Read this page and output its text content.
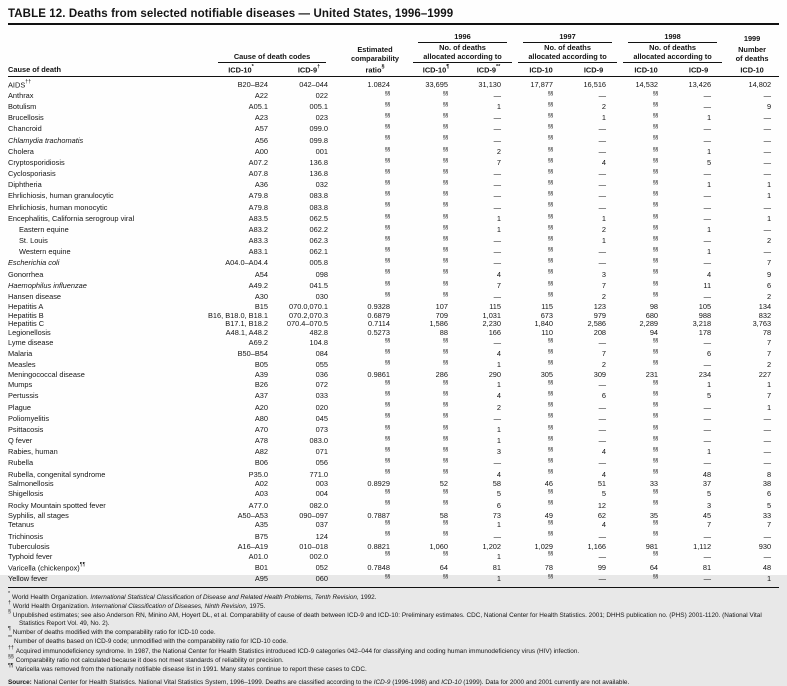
TABLE 12. Deaths from selected notifiable diseases — United States, 1996–1999
Cause of death	Cause of death codes		Estimated
comparability	1996		1997		1998		1999

No. of deaths
allocated according to

No. of deaths
allocated according to

No. of deaths
allocated according to

Number
of deaths

	ICD-10*	ICD-9†	ratio§	ICD-10¶	ICD-9**	ICD-10	ICD-9	ICD-10	ICD-9	ICD-10
AIDS††	B20–B24	042–044	1.0824	33,695	31,130	17,877	16,516	14,532	13,426	14,802
Anthrax	A22	022	§§	§§	—	§§	—	§§	—	—
Botulism	A05.1	005.1	§§	§§	1	§§	2	§§	—	9
Brucellosis	A23	023	§§	§§	—	§§	1	§§	1	—
Chancroid	A57	099.0	§§	§§	—	§§	—	§§	—	—
Chlamydia trachomatis	A56	099.8	§§	§§	—	§§	—	§§	—	—
Cholera	A00	001	§§	§§	2	§§	—	§§	1	—
Cryptosporidiosis	A07.2	136.8	§§	§§	7	§§	4	§§	5	—
Cyclosporiasis	A07.8	136.8	§§	§§	—	§§	—	§§	—	—
Diphtheria	A36	032	§§	§§	—	§§	—	§§	1	1
Ehrlichiosis, human granulocytic	A79.8	083.8	§§	§§	—	§§	—	§§	—	1
Ehrlichiosis, human monocytic	A79.8	083.8	§§	§§	—	§§	—	§§	—	—
Encephalitis, California serogroup viral	A83.5	062.5	§§	§§	1	§§	1	§§	—	1
Eastern equine	A83.2	062.2	§§	§§	1	§§	2	§§	1	—
St. Louis	A83.3	062.3	§§	§§	—	§§	1	§§	—	2
Western equine	A83.1	062.1	§§	§§	—	§§	—	§§	1	—
Escherichia coli	A04.0–A04.4	005.8	§§	§§	—	§§	—	§§	—	7
Gonorrhea	A54	098	§§	§§	4	§§	3	§§	4	9
Haemophilus influenzae	A49.2	041.5	§§	§§	7	§§	7	§§	11	6
Hansen disease	A30	030	§§	§§	—	§§	2	§§	—	2
Hepatitis A	B15	070.0,070.1	0.9328	107	115	115	123	98	105	134
Hepatitis B	B16, B18.0, B18.1	070.2,070.3	0.6879	709	1,031	673	979	680	988	832
Hepatitis C	B17.1, B18.2	070.4–070.5	0.7114	1,586	2,230	1,840	2,586	2,289	3,218	3,763
Legionellosis	A48.1, A48.2	482.8	0.5273	88	166	110	208	94	178	78
Lyme disease	A69.2	104.8	§§	§§	—	§§	—	§§	—	7
Malaria	B50–B54	084	§§	§§	4	§§	7	§§	6	7
Measles	B05	055	§§	§§	1	§§	2	§§	—	2
Meningococcal disease	A39	036	0.9861	286	290	305	309	231	234	227
Mumps	B26	072	§§	§§	1	§§	—	§§	1	1
Pertussis	A37	033	§§	§§	4	§§	6	§§	5	7
Plague	A20	020	§§	§§	2	§§	—	§§	—	1
Poliomyelitis	A80	045	§§	§§	—	§§	—	§§	—	—
Psittacosis	A70	073	§§	§§	1	§§	—	§§	—	—
Q fever	A78	083.0	§§	§§	1	§§	—	§§	—	—
Rabies, human	A82	071	§§	§§	3	§§	4	§§	1	—
Rubella	B06	056	§§	§§	—	§§	—	§§	—	—
Rubella, congenital syndrome	P35.0	771.0	§§	§§	4	§§	4	§§	48	8
Salmonellosis	A02	003	0.8929	52	58	46	51	33	37	38
Shigellosis	A03	004	§§	§§	5	§§	5	§§	5	6
Rocky Mountain spotted fever	A77.0	082.0	§§	§§	6	§§	12	§§	3	5
Syphilis, all stages	A50–A53	090–097	0.7887	58	73	49	62	35	45	33
Tetanus	A35	037	§§	§§	1	§§	4	§§	7	7
Trichinosis	B75	124	§§	§§	—	§§	—	§§	—	—
Tuberculosis	A16–A19	010–018	0.8821	1,060	1,202	1,029	1,166	981	1,112	930
Typhoid fever	A01.0	002.0	§§	§§	1	§§	—	§§	—	—
Varicella (chickenpox)¶¶	B01	052	0.7848	64	81	78	99	64	81	48
Yellow fever	A95	060	§§	§§	1	§§	—	§§	—	1

*World Health Organization. International Statistical Classification of Disease and Related Health Problems, Tenth Revision, 1992.

†World Health Organization. International Classification of Diseases, Ninth Revision, 1975.

§Unpublished estimates; see also Anderson RN, Minino AM, Hoyert DL, et al. Comparability of cause of death between ICD-9 and ICD-10: Preliminary estimates. CDC, National Center for Health Statistics. 2001; DHHS publication no. (PHS) 2001-1120. (National Vital Statistics Report Vol. 49, No. 2).

¶Number of deaths modified with the comparability ratio for ICD-10 code.

**Number of deaths based on ICD-9 code; unmodified with the comparability ratio for ICD-10 code.

††Acquired immunodeficiency syndrome. In 1987, the National Center for Health Statistics introduced ICD-9 categories 042–044 for classifying and coding human immunodeficiency virus (HIV) infection.

§§Comparability ratio not calculated because it does not meet standards of reliability or precision.

¶¶Varicella was removed from the nationally notifiable disease list in 1991. Many states continue to report these cases to CDC.

Source: National Center for Health Statistics. National Vital Statistics System, 1996–1999. Deaths are classified according to the ICD-9 (1996-1998) and ICD-10 (1999). Data for 2000 and 2001 currently are not available.
